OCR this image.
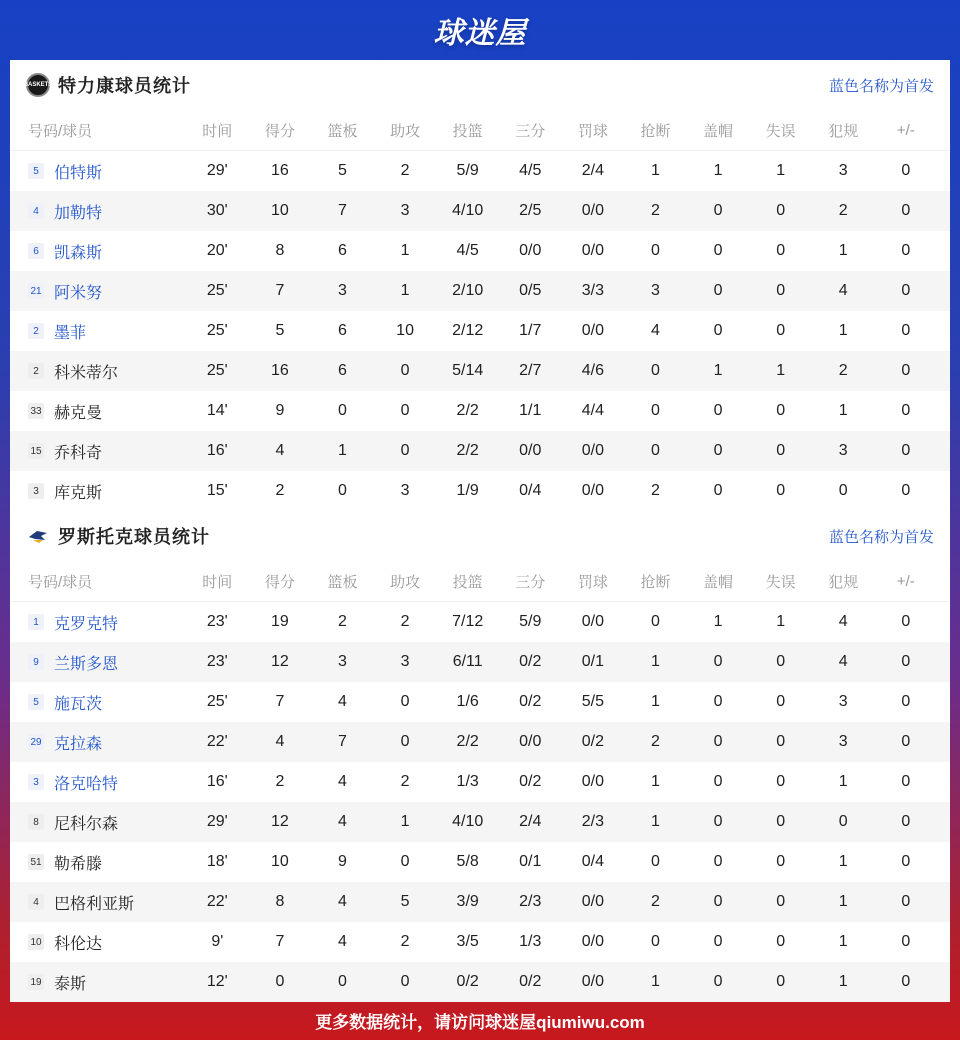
球迷屋
BASKETS 特力康球员统计	蓝色名称为首发
号码/球员	时间	得分	篮板	助攻	投篮	三分	罚球	抢断	盖帽	失误	犯规	+/-
5 伯特斯	29'	16	5	2	5/9	4/5	2/4	1	1	1	3	0
4 加勒特	30'	10	7	3	4/10	2/5	0/0	2	0	0	2	0
6 凯森斯	20'	8	6	1	4/5	0/0	0/0	0	0	0	1	0
21 阿米努	25'	7	3	1	2/10	0/5	3/3	3	0	0	4	0
2 墨菲	25'	5	6	10	2/12	1/7	0/0	4	0	0	1	0
2 科米蒂尔	25'	16	6	0	5/14	2/7	4/6	0	1	1	2	0
33 赫克曼	14'	9	0	0	2/2	1/1	4/4	0	0	0	1	0
15 乔科奇	16'	4	1	0	2/2	0/0	0/0	0	0	0	3	0
3 库克斯	15'	2	0	3	1/9	0/4	0/0	2	0	0	0	0
罗斯托克球员统计	蓝色名称为首发
号码/球员	时间	得分	篮板	助攻	投篮	三分	罚球	抢断	盖帽	失误	犯规	+/-
1 克罗克特	23'	19	2	2	7/12	5/9	0/0	0	1	1	4	0
9 兰斯多恩	23'	12	3	3	6/11	0/2	0/1	1	0	0	4	0
5 施瓦茨	25'	7	4	0	1/6	0/2	5/5	1	0	0	3	0
29 克拉森	22'	4	7	0	2/2	0/0	0/2	2	0	0	3	0
3 洛克哈特	16'	2	4	2	1/3	0/2	0/0	1	0	0	1	0
8 尼科尔森	29'	12	4	1	4/10	2/4	2/3	1	0	0	0	0
51 勒希滕	18'	10	9	0	5/8	0/1	0/4	0	0	0	1	0
4 巴格利亚斯	22'	8	4	5	3/9	2/3	0/0	2	0	0	1	0
10 科伦达	9'	7	4	2	3/5	1/3	0/0	0	0	0	1	0
19 泰斯	12'	0	0	0	0/2	0/2	0/0	1	0	0	1	0
更多数据统计，请访问球迷屋qiumiwu.com
